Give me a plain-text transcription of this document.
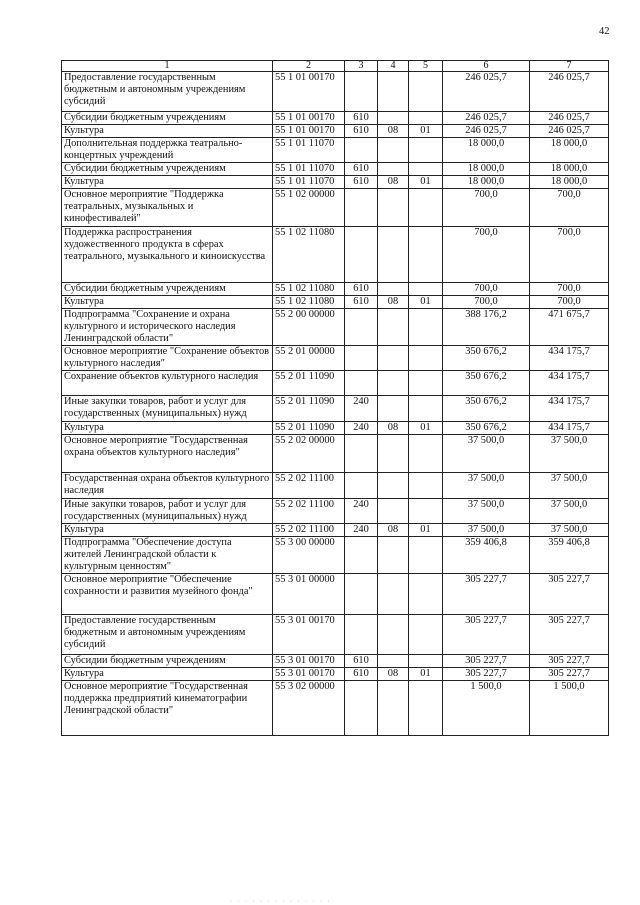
42
1	2	3	4	5	6	7
Предоставление государственным бюджетным и автономным учреждениям субсидий	55 1 01 00170				246 025,7	246 025,7
Субсидии бюджетным учреждениям	55 1 01 00170	610			246 025,7	246 025,7
Культура	55 1 01 00170	610	08	01	246 025,7	246 025,7
Дополнительная поддержка театрально-концертных учреждений	55 1 01 11070				18 000,0	18 000,0
Субсидии бюджетным учреждениям	55 1 01 11070	610			18 000,0	18 000,0
Культура	55 1 01 11070	610	08	01	18 000,0	18 000,0
Основное мероприятие "Поддержка театральных, музыкальных и кинофестивалей"	55 1 02 00000				700,0	700,0
Поддержка распространения художественного продукта в сферах театрального, музыкального и киноискусства	55 1 02 11080				700,0	700,0
Субсидии бюджетным учреждениям	55 1 02 11080	610			700,0	700,0
Культура	55 1 02 11080	610	08	01	700,0	700,0
Подпрограмма "Сохранение и охрана культурного и исторического наследия Ленинградской области"	55 2 00 00000				388 176,2	471 675,7
Основное мероприятие "Сохранение объектов культурного наследия"	55 2 01 00000				350 676,2	434 175,7
Сохранение объектов культурного наследия	55 2 01 11090				350 676,2	434 175,7
Иные закупки товаров, работ и услуг для государственных (муниципальных) нужд	55 2 01 11090	240			350 676,2	434 175,7
Культура	55 2 01 11090	240	08	01	350 676,2	434 175,7
Основное мероприятие "Государственная охрана объектов культурного наследия"	55 2 02 00000				37 500,0	37 500,0
Государственная охрана объектов культурного наследия	55 2 02 11100				37 500,0	37 500,0
Иные закупки товаров, работ и услуг для государственных (муниципальных) нужд	55 2 02 11100	240			37 500,0	37 500,0
Культура	55 2 02 11100	240	08	01	37 500,0	37 500,0
Подпрограмма "Обеспечение доступа жителей Ленинградской области к культурным ценностям"	55 3 00 00000				359 406,8	359 406,8
Основное мероприятие "Обеспечение сохранности и развития музейного фонда"	55 3 01 00000				305 227,7	305 227,7
Предоставление государственным бюджетным и автономным учреждениям субсидий	55 3 01 00170				305 227,7	305 227,7
Субсидии бюджетным учреждениям	55 3 01 00170	610			305 227,7	305 227,7
Культура	55 3 01 00170	610	08	01	305 227,7	305 227,7
Основное мероприятие "Государственная поддержка предприятий кинематографии Ленинградской области"	55 3 02 00000				1 500,0	1 500,0
· · · · · · · · · · · · · ·
